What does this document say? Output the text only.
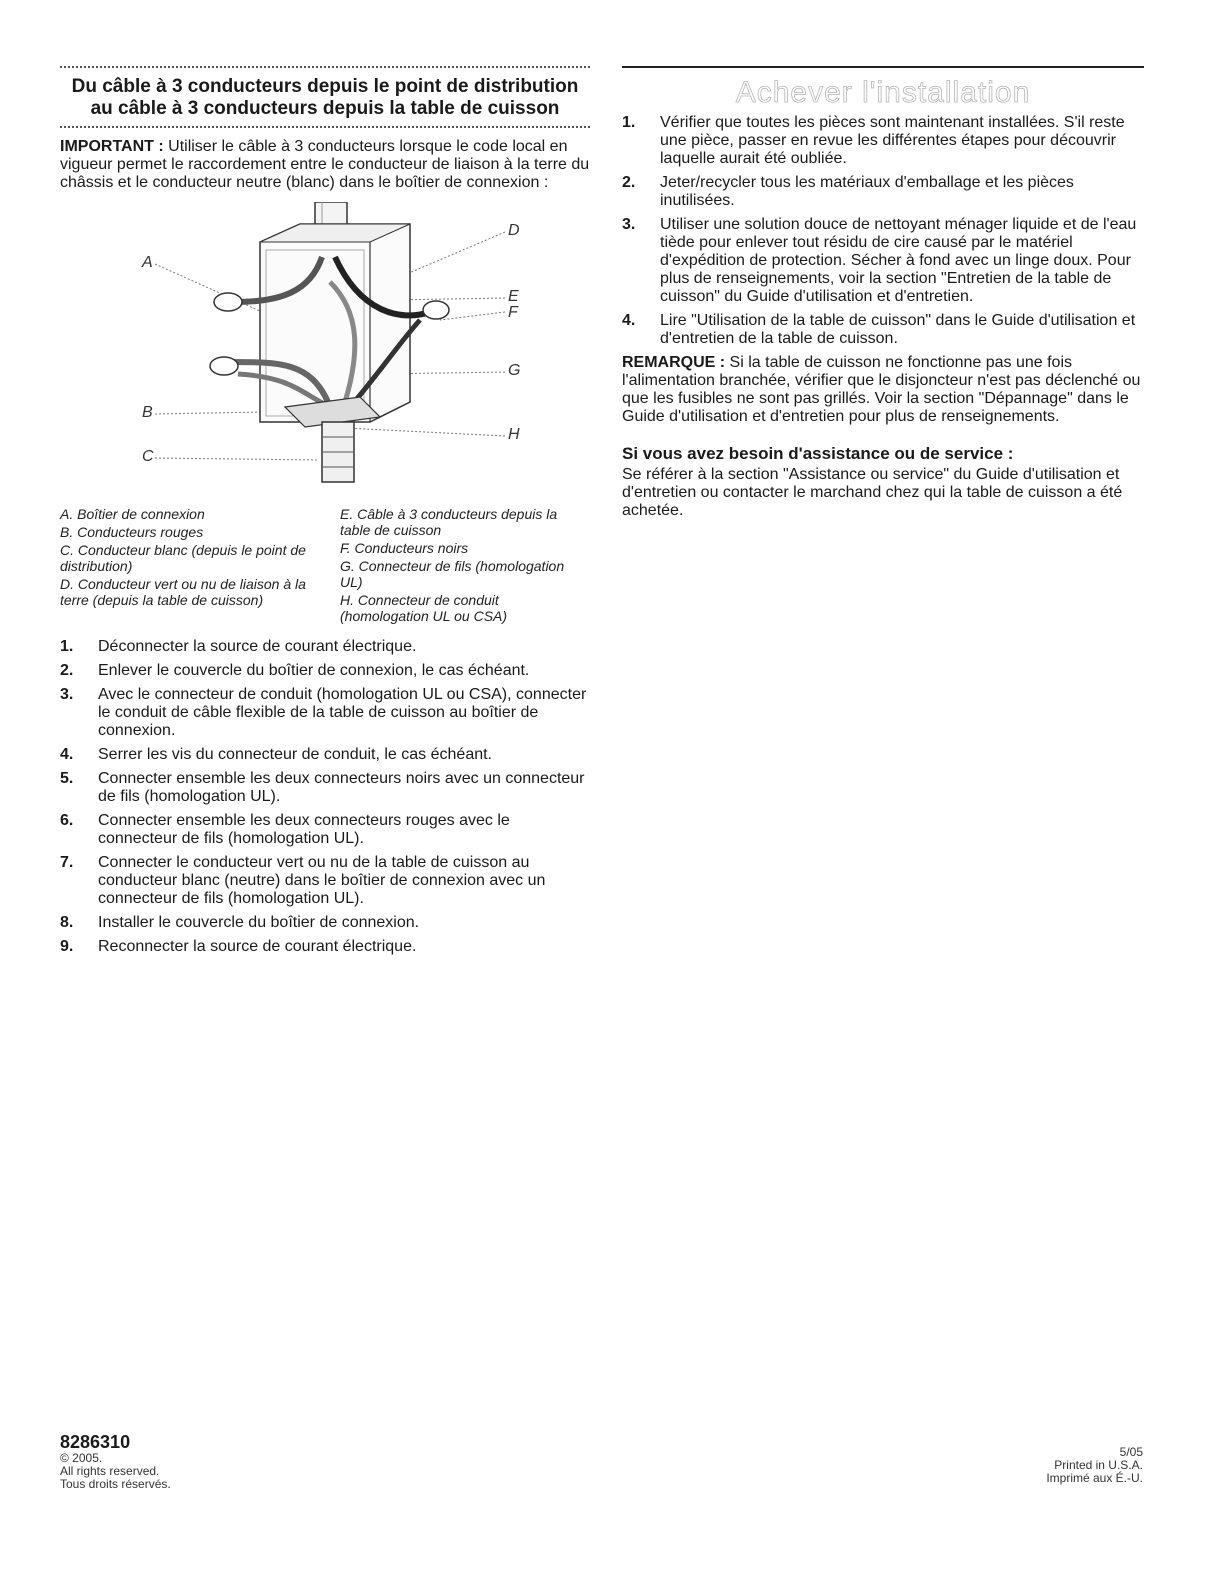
Du câble à 3 conducteurs depuis le point de distribution au câble à 3 conducteurs depuis la table de cuisson

IMPORTANT : Utiliser le câble à 3 conducteurs lorsque le code local en vigueur permet le raccordement entre le conducteur de liaison à la terre du châssis et le conducteur neutre (blanc) dans le boîtier de connexion :

A
B
C
D
E
F
G
H
A. Boîtier de connexion
B. Conducteurs rouges
C. Conducteur blanc (depuis le point de distribution)
D. Conducteur vert ou nu de liaison à la terre (depuis la table de cuisson)
E. Câble à 3 conducteurs depuis la table de cuisson
F. Conducteurs noirs
G. Connecteur de fils (homologation UL)
H. Connecteur de conduit (homologation UL ou CSA)
1. Déconnecter la source de courant électrique.
2. Enlever le couvercle du boîtier de connexion, le cas échéant.
3. Avec le connecteur de conduit (homologation UL ou CSA), connecter le conduit de câble flexible de la table de cuisson au boîtier de connexion.
4. Serrer les vis du connecteur de conduit, le cas échéant.
5. Connecter ensemble les deux connecteurs noirs avec un connecteur de fils (homologation UL).
6. Connecter ensemble les deux connecteurs rouges avec le connecteur de fils (homologation UL).
7. Connecter le conducteur vert ou nu de la table de cuisson au conducteur blanc (neutre) dans le boîtier de connexion avec un connecteur de fils (homologation UL).
8. Installer le couvercle du boîtier de connexion.
9. Reconnecter la source de courant électrique.
Achever l'installation
1. Vérifier que toutes les pièces sont maintenant installées. S'il reste une pièce, passer en revue les différentes étapes pour découvrir laquelle aurait été oubliée.
2. Jeter/recycler tous les matériaux d'emballage et les pièces inutilisées.
3. Utiliser une solution douce de nettoyant ménager liquide et de l'eau tiède pour enlever tout résidu de cire causé par le matériel d'expédition de protection. Sécher à fond avec un linge doux. Pour plus de renseignements, voir la section "Entretien de la table de cuisson" du Guide d'utilisation et d'entretien.
4. Lire "Utilisation de la table de cuisson" dans le Guide d'utilisation et d'entretien de la table de cuisson.

REMARQUE : Si la table de cuisson ne fonctionne pas une fois l'alimentation branchée, vérifier que le disjoncteur n'est pas déclenché ou que les fusibles ne sont pas grillés. Voir la section "Dépannage" dans le Guide d'utilisation et d'entretien pour plus de renseignements.

Si vous avez besoin d'assistance ou de service :

Se référer à la section "Assistance ou service" du Guide d'utilisation et d'entretien ou contacter le marchand chez qui la table de cuisson a été achetée.

8286310
© 2005.
All rights reserved.
Tous droits réservés.
5/05
Printed in U.S.A.
Imprimé aux É.-U.
